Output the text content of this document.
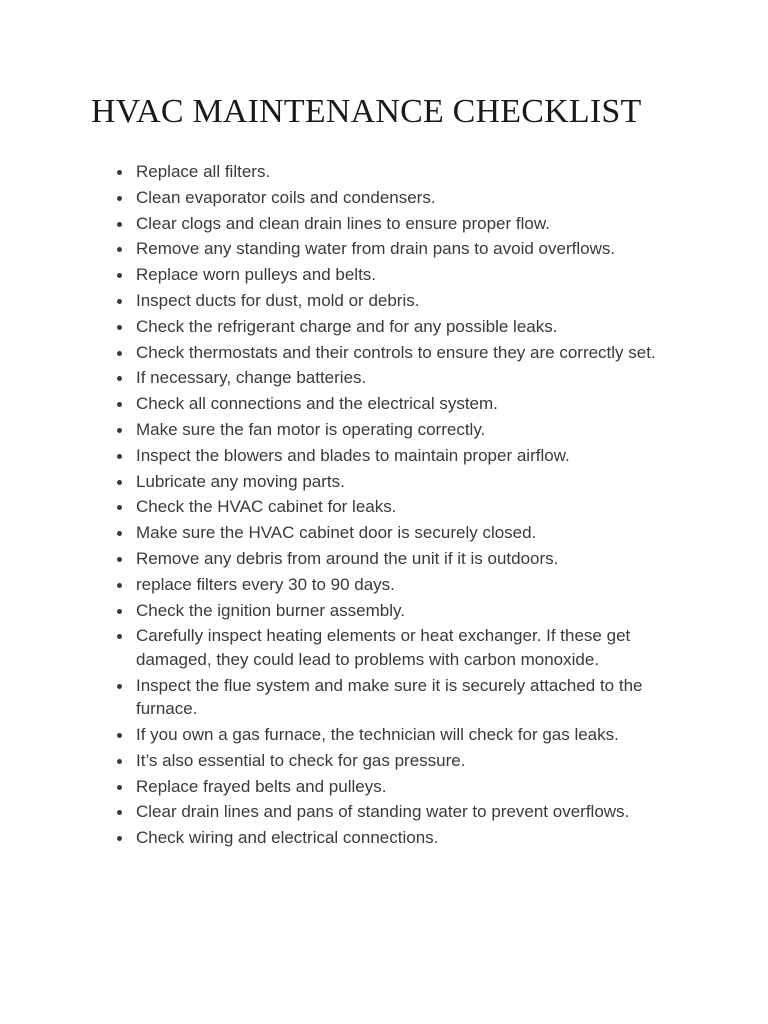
HVAC MAINTENANCE CHECKLIST
Replace all filters.
Clean evaporator coils and condensers.
Clear clogs and clean drain lines to ensure proper flow.
Remove any standing water from drain pans to avoid overflows.
Replace worn pulleys and belts.
Inspect ducts for dust, mold or debris.
Check the refrigerant charge and for any possible leaks.
Check thermostats and their controls to ensure they are correctly set.
If necessary, change batteries.
Check all connections and the electrical system.
Make sure the fan motor is operating correctly.
Inspect the blowers and blades to maintain proper airflow.
Lubricate any moving parts.
Check the HVAC cabinet for leaks.
Make sure the HVAC cabinet door is securely closed.
Remove any debris from around the unit if it is outdoors.
replace filters every 30 to 90 days.
Check the ignition burner assembly.
Carefully inspect heating elements or heat exchanger. If these get damaged, they could lead to problems with carbon monoxide.
Inspect the flue system and make sure it is securely attached to the furnace.
If you own a gas furnace, the technician will check for gas leaks.
It’s also essential to check for gas pressure.
Replace frayed belts and pulleys.
Clear drain lines and pans of standing water to prevent overflows.
Check wiring and electrical connections.
